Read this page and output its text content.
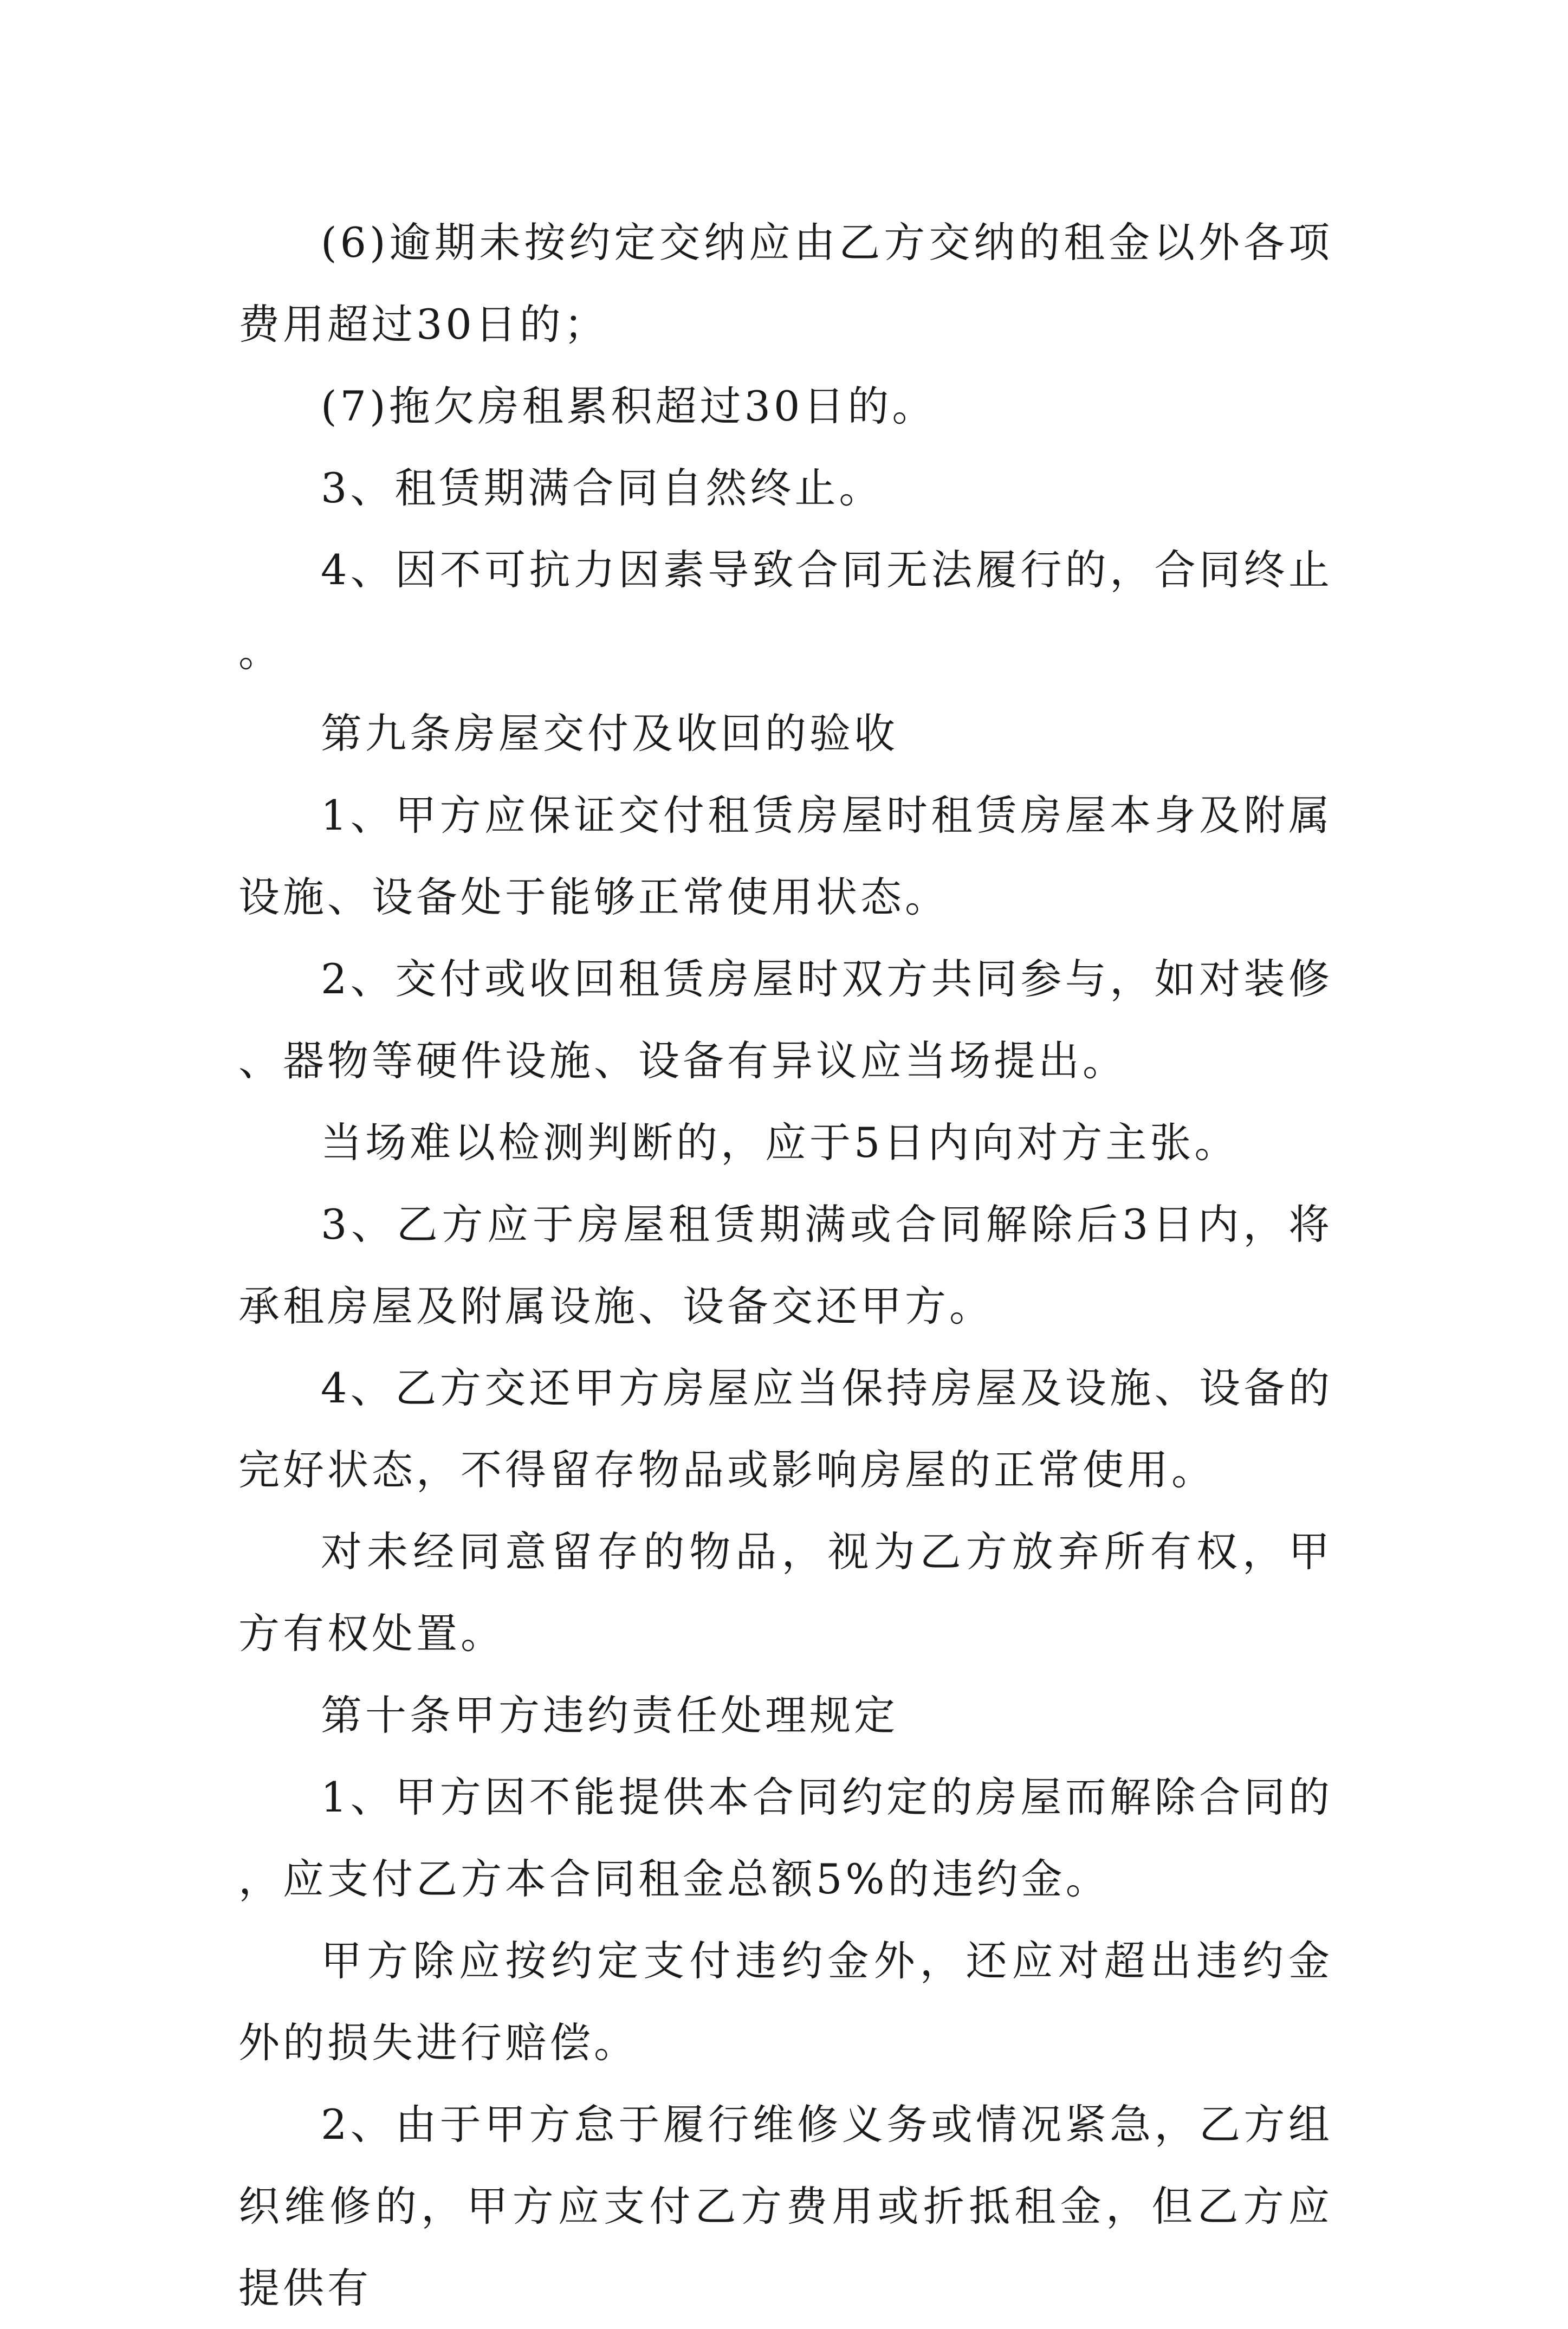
(6)逾期未按约定交纳应由乙方交纳的租金以外各项费用超过30日的；

(7)拖欠房租累积超过30日的。

3、租赁期满合同自然终止。

4、因不可抗力因素导致合同无法履行的，合同终止。

第九条房屋交付及收回的验收

1、甲方应保证交付租赁房屋时租赁房屋本身及附属设施、设备处于能够正常使用状态。

2、交付或收回租赁房屋时双方共同参与，如对装修、器物等硬件设施、设备有异议应当场提出。

当场难以检测判断的，应于5日内向对方主张。

3、乙方应于房屋租赁期满或合同解除后3日内，将承租房屋及附属设施、设备交还甲方。

4、乙方交还甲方房屋应当保持房屋及设施、设备的完好状态，不得留存物品或影响房屋的正常使用。

对未经同意留存的物品，视为乙方放弃所有权，甲方有权处置。

第十条甲方违约责任处理规定

1、甲方因不能提供本合同约定的房屋而解除合同的，应支付乙方本合同租金总额5%的违约金。

甲方除应按约定支付违约金外，还应对超出违约金外的损失进行赔偿。

2、由于甲方怠于履行维修义务或情况紧急，乙方组织维修的，甲方应支付乙方费用或折抵租金，但乙方应提供有
